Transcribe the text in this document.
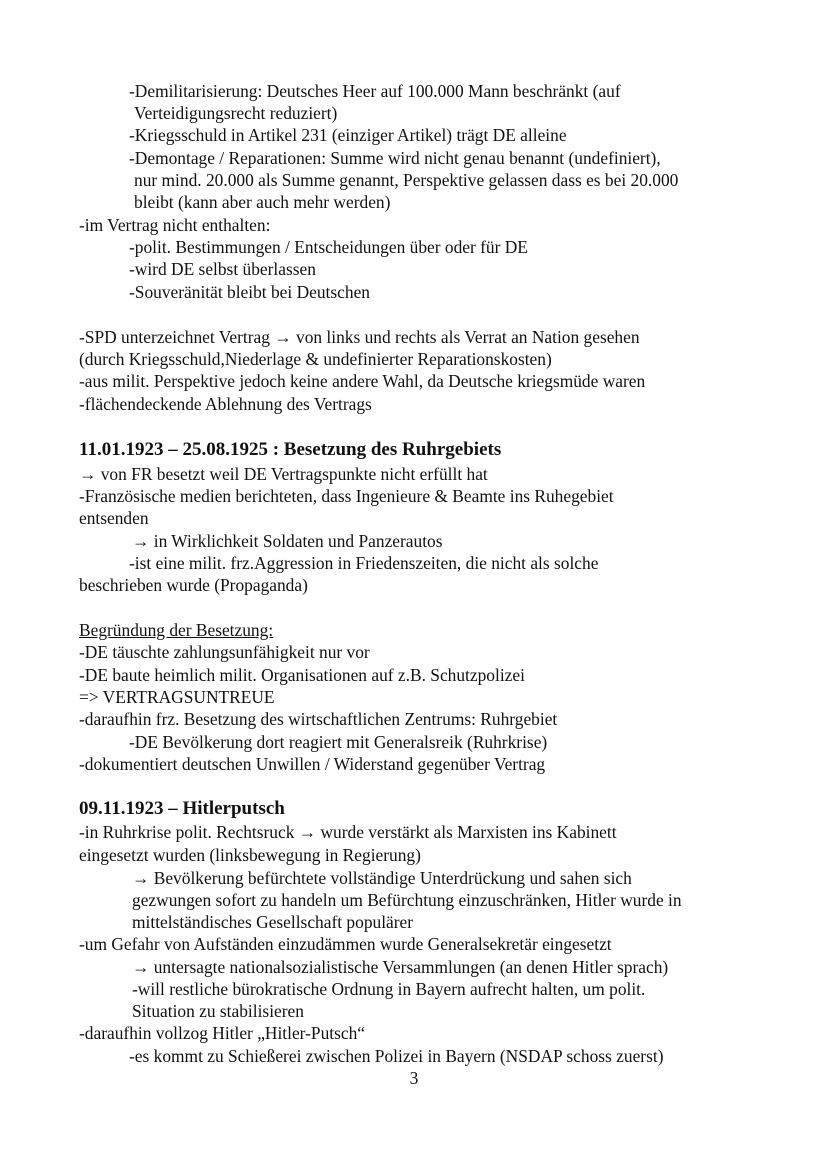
-Demilitarisierung: Deutsches Heer auf 100.000 Mann beschränkt (auf
Verteidigungsrecht reduziert)
-Kriegsschuld in Artikel 231 (einziger Artikel) trägt DE alleine
-Demontage / Reparationen: Summe wird nicht genau benannt (undefiniert),
nur mind. 20.000 als Summe genannt, Perspektive gelassen dass es bei 20.000
bleibt (kann aber auch mehr werden)
-im Vertrag nicht enthalten:
-polit. Bestimmungen / Entscheidungen über oder für DE
-wird DE selbst überlassen
-Souveränität bleibt bei Deutschen
-SPD unterzeichnet Vertrag → von links und rechts als Verrat an Nation gesehen
(durch Kriegsschuld,Niederlage & undefinierter Reparationskosten)
-aus milit. Perspektive jedoch keine andere Wahl, da Deutsche kriegsmüde waren
-flächendeckende Ablehnung des Vertrags
11.01.1923 – 25.08.1925 : Besetzung des Ruhrgebiets
→ von FR besetzt weil DE Vertragspunkte nicht erfüllt hat
-Französische medien berichteten, dass Ingenieure & Beamte ins Ruhegebiet
entsenden
→ in Wirklichkeit Soldaten und Panzerautos
-ist eine milit. frz.Aggression in Friedenszeiten, die nicht als solche
beschrieben wurde (Propaganda)
Begründung der Besetzung:
-DE täuschte zahlungsunfähigkeit nur vor
-DE baute heimlich milit. Organisationen auf z.B. Schutzpolizei
=> VERTRAGSUNTREUE
-daraufhin frz. Besetzung des wirtschaftlichen Zentrums: Ruhrgebiet
-DE Bevölkerung dort reagiert mit Generalsreik (Ruhrkrise)
-dokumentiert deutschen Unwillen / Widerstand gegenüber Vertrag
09.11.1923 – Hitlerputsch
-in Ruhrkrise polit. Rechtsruck → wurde verstärkt als Marxisten ins Kabinett
eingesetzt wurden (linksbewegung in Regierung)
→ Bevölkerung befürchtete vollständige Unterdrückung und sahen sich
gezwungen sofort zu handeln um Befürchtung einzuschränken, Hitler wurde in
mittelständisches Gesellschaft populärer
-um Gefahr von Aufständen einzudämmen wurde Generalsekretär eingesetzt
→ untersagte nationalsozialistische Versammlungen (an denen Hitler sprach)
-will restliche bürokratische Ordnung in Bayern aufrecht halten, um polit.
Situation zu stabilisieren
-daraufhin vollzog Hitler „Hitler-Putsch“
-es kommt zu Schießerei zwischen Polizei in Bayern (NSDAP schoss zuerst)
3
